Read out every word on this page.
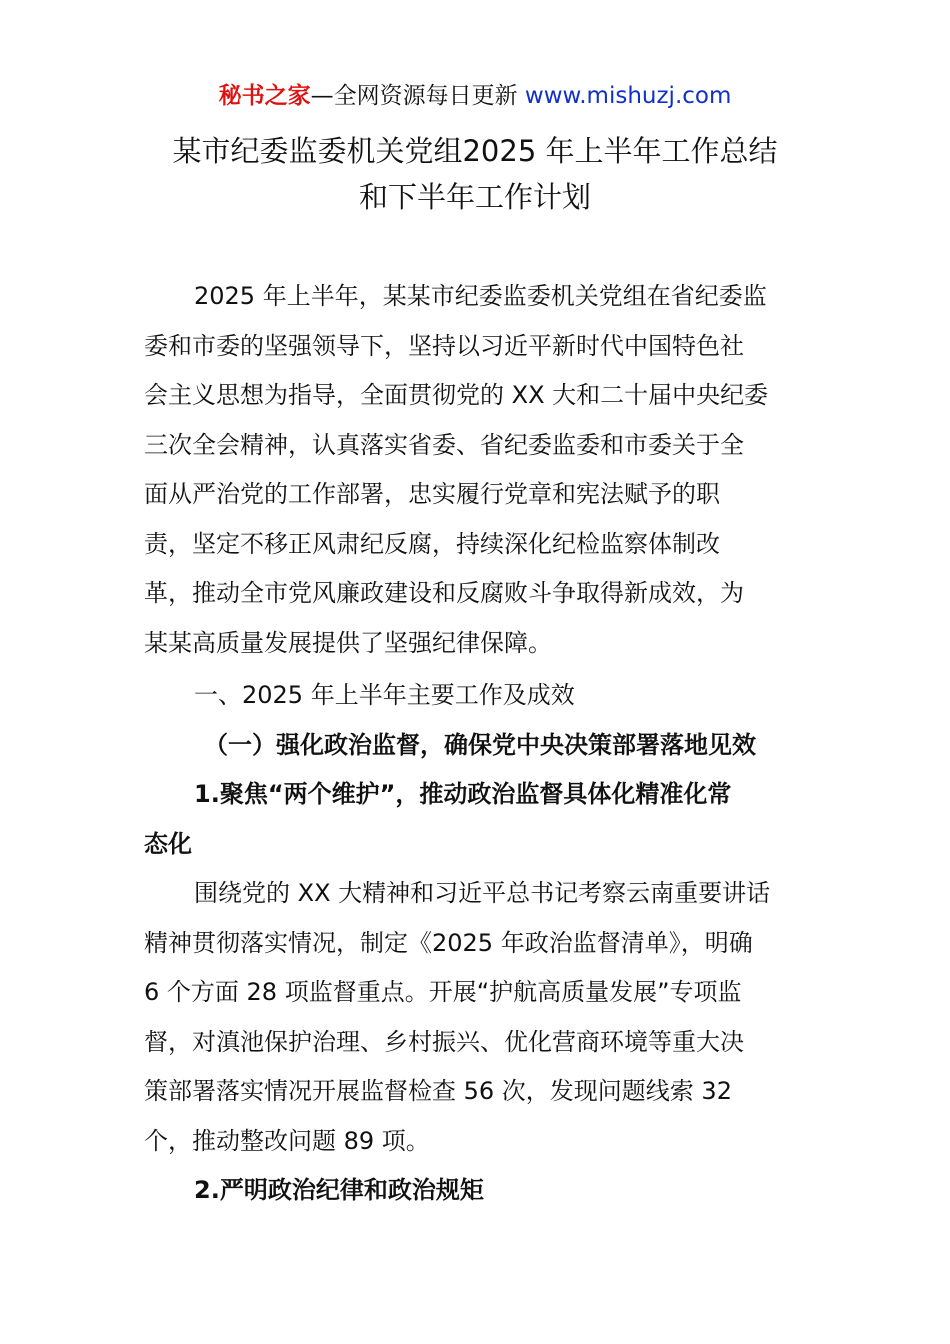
秘书之家—全网资源每日更新 www.mishuzj.com
某市纪委监委机关党组2025 年上半年工作总结
和下半年工作计划
2025 年上半年，某某市纪委监委机关党组在省纪委监
委和市委的坚强领导下，坚持以习近平新时代中国特色社
会主义思想为指导，全面贯彻党的 XX 大和二十届中央纪委
三次全会精神，认真落实省委、省纪委监委和市委关于全
面从严治党的工作部署，忠实履行党章和宪法赋予的职
责，坚定不移正风肃纪反腐，持续深化纪检监察体制改
革，推动全市党风廉政建设和反腐败斗争取得新成效，为
某某高质量发展提供了坚强纪律保障。
一、2025 年上半年主要工作及成效
（一）强化政治监督，确保党中央决策部署落地见效
1.聚焦“两个维护”，推动政治监督具体化精准化常
态化
围绕党的 XX 大精神和习近平总书记考察云南重要讲话
精神贯彻落实情况，制定《2025 年政治监督清单》，明确
6 个方面 28 项监督重点。开展“护航高质量发展”专项监
督，对滇池保护治理、乡村振兴、优化营商环境等重大决
策部署落实情况开展监督检查 56 次，发现问题线索 32
个，推动整改问题 89 项。
2.严明政治纪律和政治规矩
